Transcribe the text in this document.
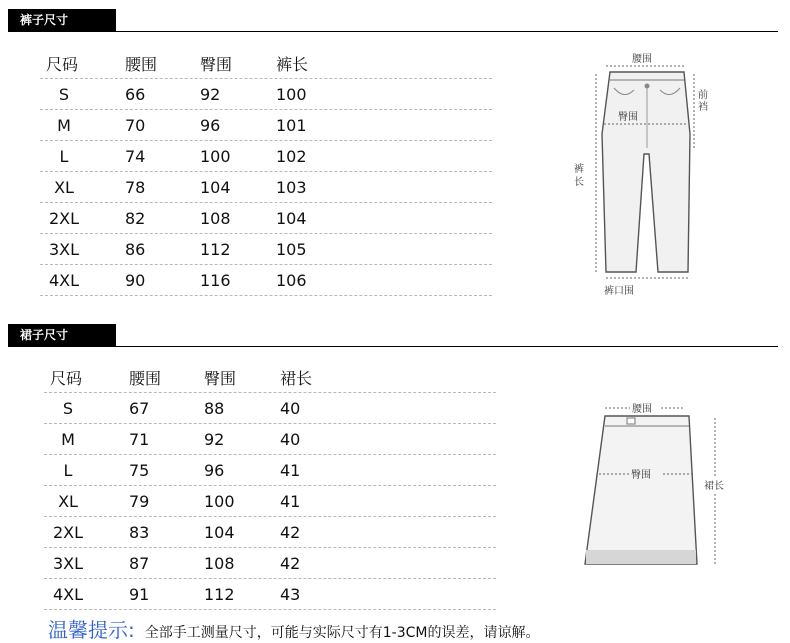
裤子尺寸
尺码	腰围	臀围	裤长
S	66	92	100
M	70	96	101
L	74	100	102
XL	78	104	103
2XL	82	108	104
3XL	86	112	105
4XL	90	116	106
腰围
臀围
前
裆
裤
长
裤口围
裙子尺寸
尺码	腰围	臀围	裙长
S	67	88	40
M	71	92	40
L	75	96	41
XL	79	100	41
2XL	83	104	42
3XL	87	108	42
4XL	91	112	43
腰围
臀围
裙长
温馨提示: 全部手工测量尺寸，可能与实际尺寸有1-3CM的误差，请谅解。
